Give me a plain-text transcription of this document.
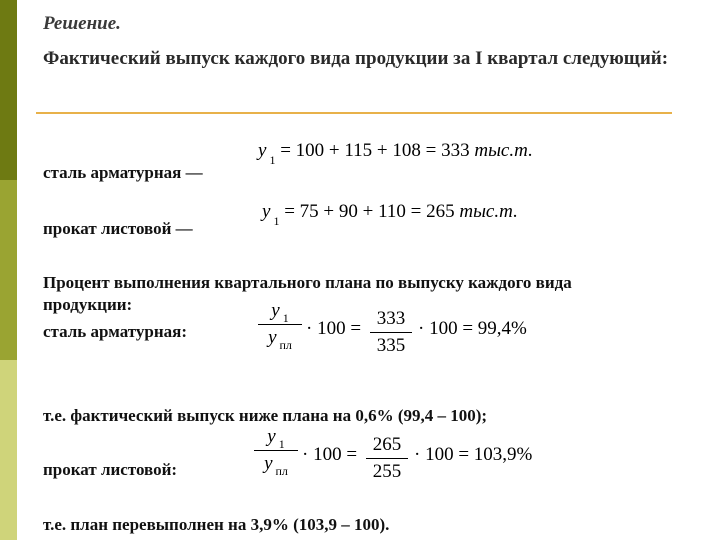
Решение.
Фактический выпуск каждого вида продукции за I квартал следующий:
сталь арматурная —
y $_1$ = 100 + 115 + 108 = 333 тыс.т.
прокат листовой —
y $_1$ = 75 + 90 + 110 = 265 тыс.т.
Процент выполнения квартального плана по выпуску каждого вида
продукции:
сталь арматурная:
y $_1$
y $_{пл}$
· 100 = 333
335
· 100 = 99,4%
т.е. фактический выпуск ниже плана на 0,6% (99,4 – 100);
прокат листовой:
y $_1$
y $_{пл}$
· 100 = 265
255
· 100 = 103,9%
т.е. план перевыполнен на 3,9% (103,9 – 100).
